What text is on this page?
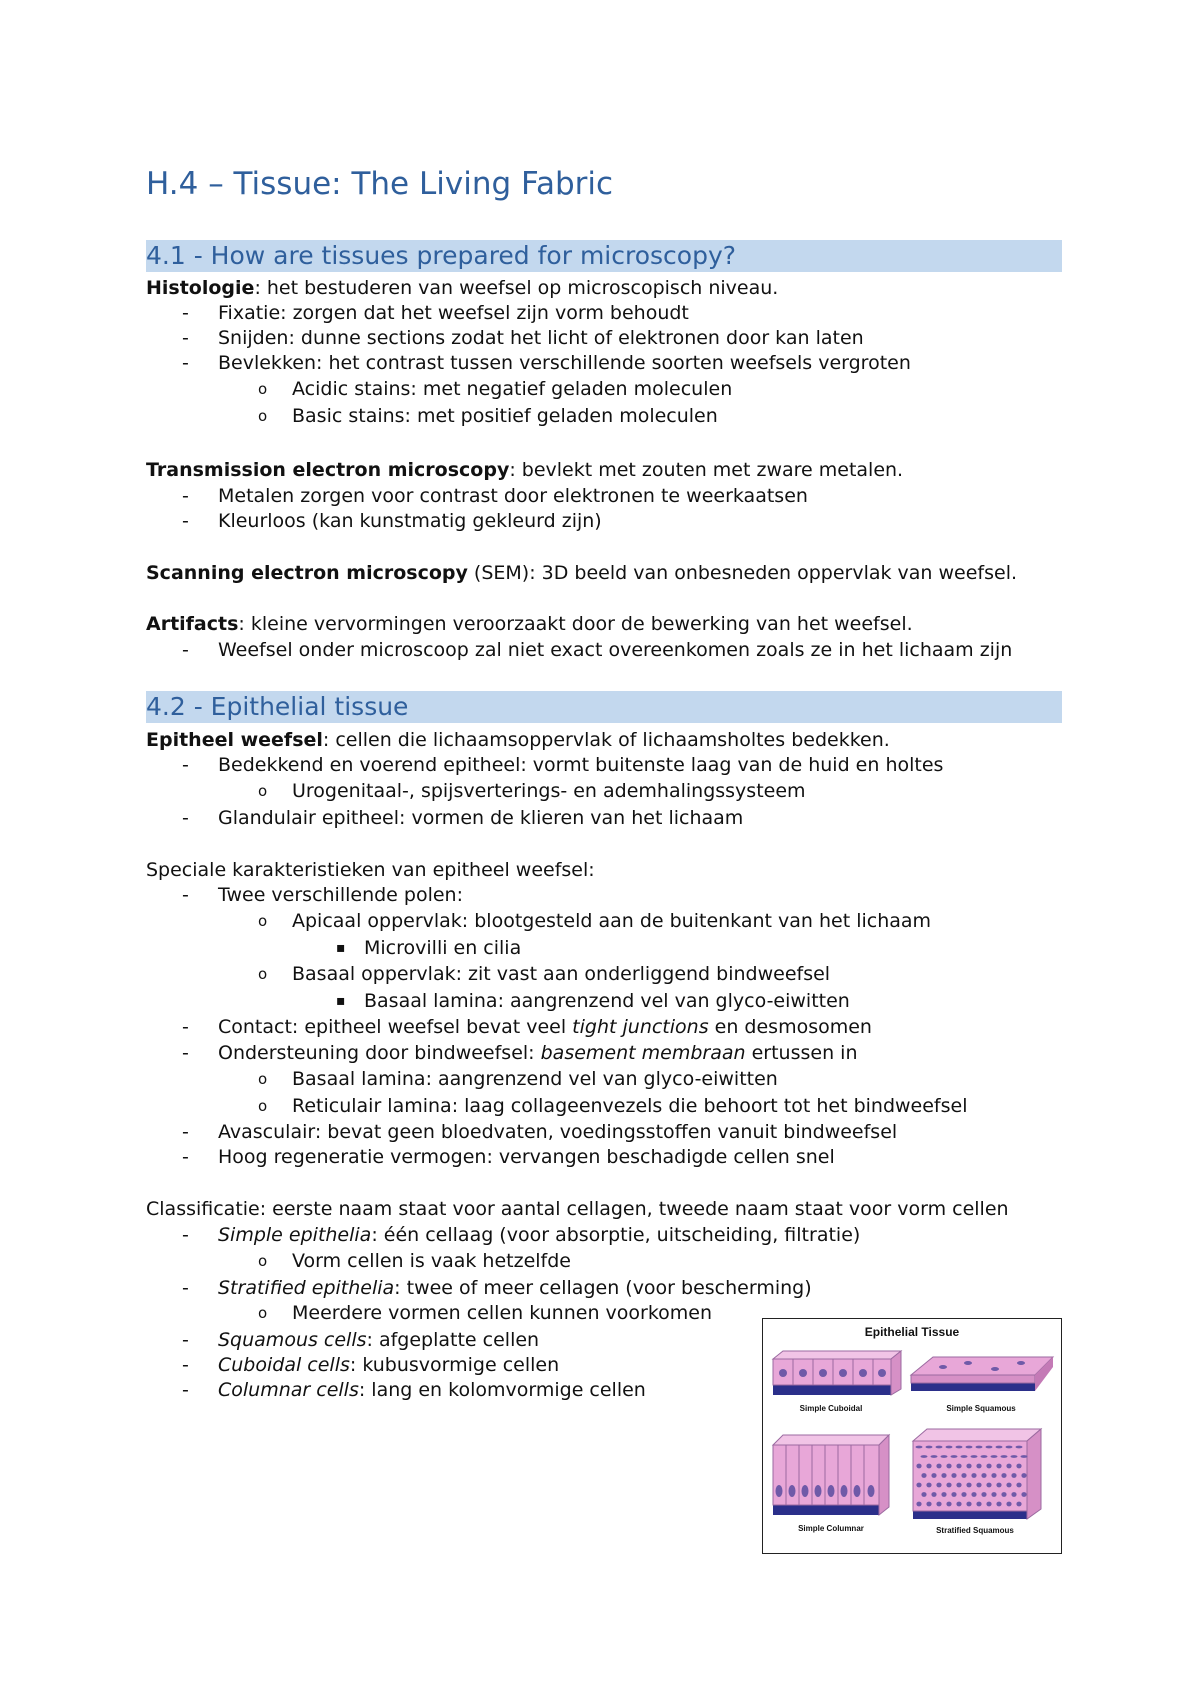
H.4 – Tissue: The Living Fabric
4.1 - How are tissues prepared for microscopy?
Histologie: het bestuderen van weefsel op microscopisch niveau.
- Fixatie: zorgen dat het weefsel zijn vorm behoudt
- Snijden: dunne sections zodat het licht of elektronen door kan laten
- Bevlekken: het contrast tussen verschillende soorten weefsels vergroten
o Acidic stains: met negatief geladen moleculen
o Basic stains: met positief geladen moleculen
Transmission electron microscopy: bevlekt met zouten met zware metalen.
- Metalen zorgen voor contrast door elektronen te weerkaatsen
- Kleurloos (kan kunstmatig gekleurd zijn)
Scanning electron microscopy (SEM): 3D beeld van onbesneden oppervlak van weefsel.
Artifacts: kleine vervormingen veroorzaakt door de bewerking van het weefsel.
- Weefsel onder microscoop zal niet exact overeenkomen zoals ze in het lichaam zijn
4.2 - Epithelial tissue
Epitheel weefsel: cellen die lichaamsoppervlak of lichaamsholtes bedekken.
- Bedekkend en voerend epitheel: vormt buitenste laag van de huid en holtes
o Urogenitaal-, spijsverterings- en ademhalingssysteem
- Glandulair epitheel: vormen de klieren van het lichaam
Speciale karakteristieken van epitheel weefsel:
- Twee verschillende polen:
o Apicaal oppervlak: blootgesteld aan de buitenkant van het lichaam
▪ Microvilli en cilia
o Basaal oppervlak: zit vast aan onderliggend bindweefsel
▪ Basaal lamina: aangrenzend vel van glyco-eiwitten
- Contact: epitheel weefsel bevat veel tight junctions en desmosomen
- Ondersteuning door bindweefsel: basement membraan ertussen in
o Basaal lamina: aangrenzend vel van glyco-eiwitten
o Reticulair lamina: laag collageenvezels die behoort tot het bindweefsel
- Avasculair: bevat geen bloedvaten, voedingsstoffen vanuit bindweefsel
- Hoog regeneratie vermogen: vervangen beschadigde cellen snel
Classificatie: eerste naam staat voor aantal cellagen, tweede naam staat voor vorm cellen
- Simple epithelia: één cellaag (voor absorptie, uitscheiding, filtratie)
o Vorm cellen is vaak hetzelfde
- Stratified epithelia: twee of meer cellagen (voor bescherming)
o Meerdere vormen cellen kunnen voorkomen
- Squamous cells: afgeplatte cellen
- Cuboidal cells: kubusvormige cellen
- Columnar cells: lang en kolomvormige cellen
Epithelial Tissue
Simple Cuboidal	Simple Squamous
Simple Columnar	Stratified Squamous
